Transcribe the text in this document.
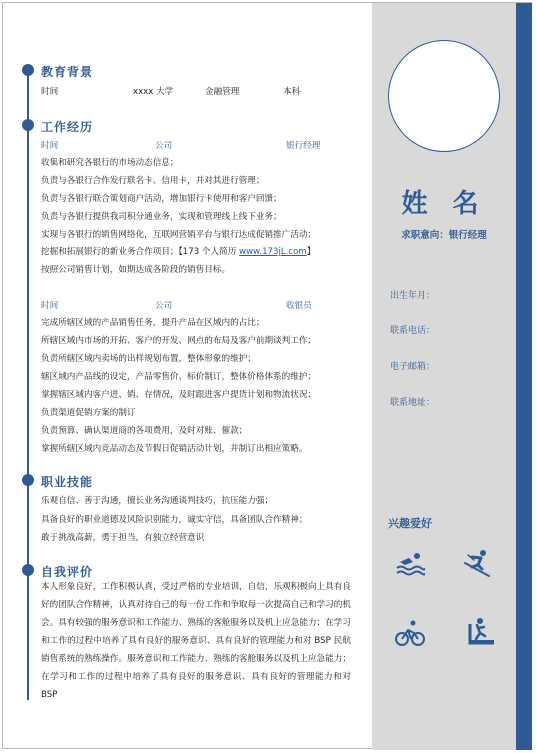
教育背景
时间	xxxx 大学	金融管理	本科
工作经历
时间	公司	银行经理
收集和研究各银行的市场动态信息；
负责与各银行合作发行联名卡、信用卡，并对其进行管理；
负责与各银行联合策划商户活动，增加银行卡使用和客户回馈；
负责与各银行提供我司积分通业务，实现和管理线上线下业务；
实现与各银行的销售网络化，互联网营销平台与银行达成促销推广活动；
挖掘和拓展银行的新业务合作项目；【173 个人简历 www.173jL.com】
按照公司销售计划，如期达成各阶段的销售目标。
时间	公司	收银员
完成所辖区域的产品销售任务，提升产品在区域内的占比；
所辖区域内市场的开拓、客户的开发、网点的布局及客户前期谈判工作；
负责所辖区域内卖场的出样规划布置，整体形象的维护；
辖区域内产品线的设定，产品零售价、标价制订，整体价格体系的维护；
掌握辖区域内客户进、销、存情况，及时跟进客户提货计划和物流状况；
负责渠道促销方案的制订
负责预算、确认渠道商的各项费用，及时对账、催款；
掌握所辖区域内竞品动态及节假日促销活动计划，并制订出相应策略。
职业技能
乐观自信、善于沟通，擅长业务沟通谈判技巧，抗压能力强；
具备良好的职业道德及风险识别能力，诚实守信，具备团队合作精神；
敢于挑战高薪，勇于担当，有独立经营意识
自我评价
本人形象良好，工作积极认真，受过严格的专业培训，自信，乐观积极向上具有良好的团队合作精神，认真对待自己的每一份工作和争取每一次提高自己和学习的机会。具有较强的服务意识和工作能力、熟练的客舱服务以及机上应急能力；在学习和工作的过程中培养了具有良好的服务意识、具有良好的管理能力和对 BSP 民航销售系统的熟练操作。服务意识和工作能力、熟练的客舱服务以及机上应急能力；在学习和工作的过程中培养了具有良好的服务意识、具有良好的管理能力和对 BSP
姓 名
求职意向：银行经理
出生年月：
联系电话：
电子邮箱：
联系地址：
兴趣爱好
